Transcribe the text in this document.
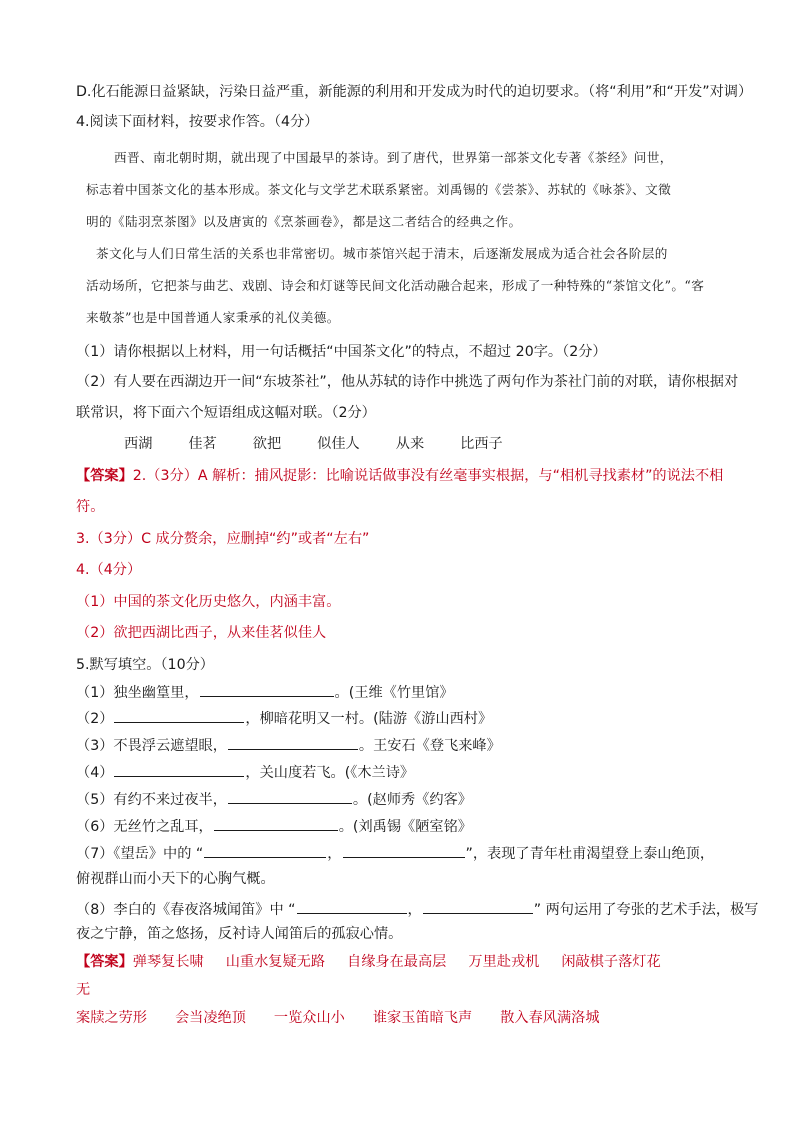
D.化石能源日益紧缺，污染日益严重，新能源的利用和开发成为时代的迫切要求。（将“利用”和“开发”对调）
4.阅读下面材料，按要求作答。（4分）
西晋、南北朝时期，就出现了中国最早的茶诗。到了唐代，世界第一部茶文化专著《茶经》问世，
标志着中国茶文化的基本形成。茶文化与文学艺术联系紧密。刘禹锡的《尝茶》、苏轼的《咏茶》、文徵
明的《陆羽烹茶图》以及唐寅的《烹茶画卷》，都是这二者结合的经典之作。
茶文化与人们日常生活的关系也非常密切。城市茶馆兴起于清末，后逐渐发展成为适合社会各阶层的
活动场所，它把茶与曲艺、戏剧、诗会和灯谜等民间文化活动融合起来，形成了一种特殊的“茶馆文化”。“客
来敬茶”也是中国普通人家秉承的礼仪美德。
（1）请你根据以上材料，用一句话概括“中国茶文化”的特点，不超过 20字。（2分）
（2）有人要在西湖边开一间“东坡茶社”，他从苏轼的诗作中挑选了两句作为茶社门前的对联，请你根据对
联常识，将下面六个短语组成这幅对联。（2分）
西湖	佳茗	欲把	似佳人	从来	比西子
【答案】2.（3分）A 解析：捕风捉影：比喻说话做事没有丝毫事实根据，与“相机寻找素材”的说法不相
符。
3.（3分）C 成分赘余，应删掉“约”或者“左右”
4.（4分）
（1）中国的茶文化历史悠久，内涵丰富。
（2）欲把西湖比西子，从来佳茗似佳人
5.默写填空。（10分）
（1）独坐幽篁里，	。(王维《竹里馆》
（2）	，柳暗花明又一村。(陆游《游山西村》
（3）不畏浮云遮望眼，	。王安石《登飞来峰》
（4）	，关山度若飞。(《木兰诗》
（5）有约不来过夜半，	。(赵师秀《约客》
（6）无丝竹之乱耳，	。(刘禹锡《陋室铭》
（7）《望岳》中的 “	，	”，表现了青年杜甫渴望登上泰山绝顶，
俯视群山而小天下的心胸气概。
（8）李白的《春夜洛城闻笛》中 “	，	” 两句运用了夸张的艺术手法，极写
夜之宁静，笛之悠扬，反衬诗人闻笛后的孤寂心情。
【答案】弹琴复长啸 山重水复疑无路 自缘身在最高层 万里赴戎机 闲敲棋子落灯花
无
案牍之劳形 会当凌绝顶 一览众山小 谁家玉笛暗飞声 散入春风满洛城
